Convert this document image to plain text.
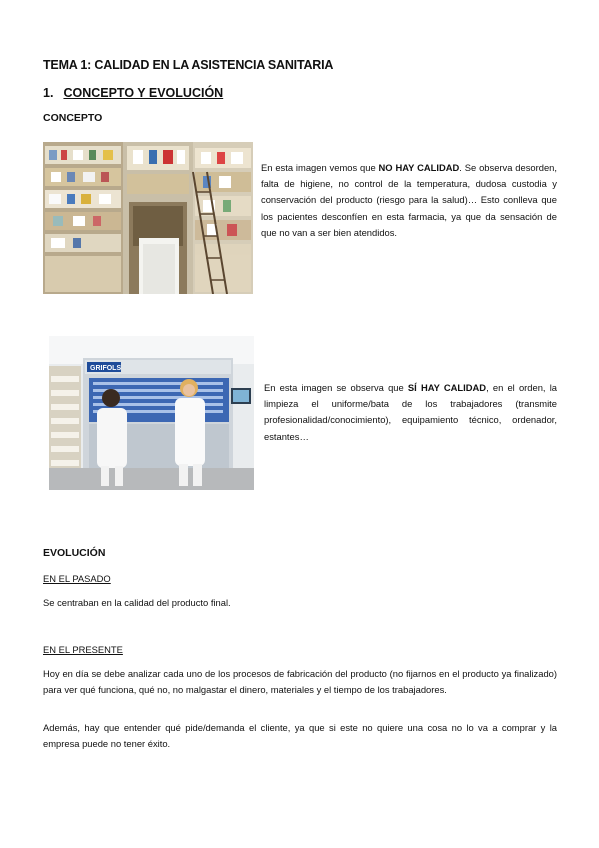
TEMA 1: CALIDAD EN LA ASISTENCIA SANITARIA
1. CONCEPTO Y EVOLUCIÓN
CONCEPTO
En esta imagen vemos que NO HAY CALIDAD. Se observa desorden, falta de higiene, no control de la temperatura, dudosa custodia y conservación del producto (riesgo para la salud)… Esto conlleva que los pacientes desconfíen en esta farmacia, ya que da sensación de que no van a ser bien atendidos.
GRIFOLS
En esta imagen se observa que SÍ HAY CALIDAD, en el orden, la limpieza el uniforme/bata de los trabajadores (transmite profesionalidad/conocimiento), equipamiento técnico, ordenador, estantes…
EVOLUCIÓN
EN EL PASADO
Se centraban en la calidad del producto final.
EN EL PRESENTE
Hoy en día se debe analizar cada uno de los procesos de fabricación del producto (no fijarnos en el producto ya finalizado) para ver qué funciona, qué no, no malgastar el dinero, materiales y el tiempo de los trabajadores.
Además, hay que entender qué pide/demanda el cliente, ya que si este no quiere una cosa no lo va a comprar y la empresa puede no tener éxito.
